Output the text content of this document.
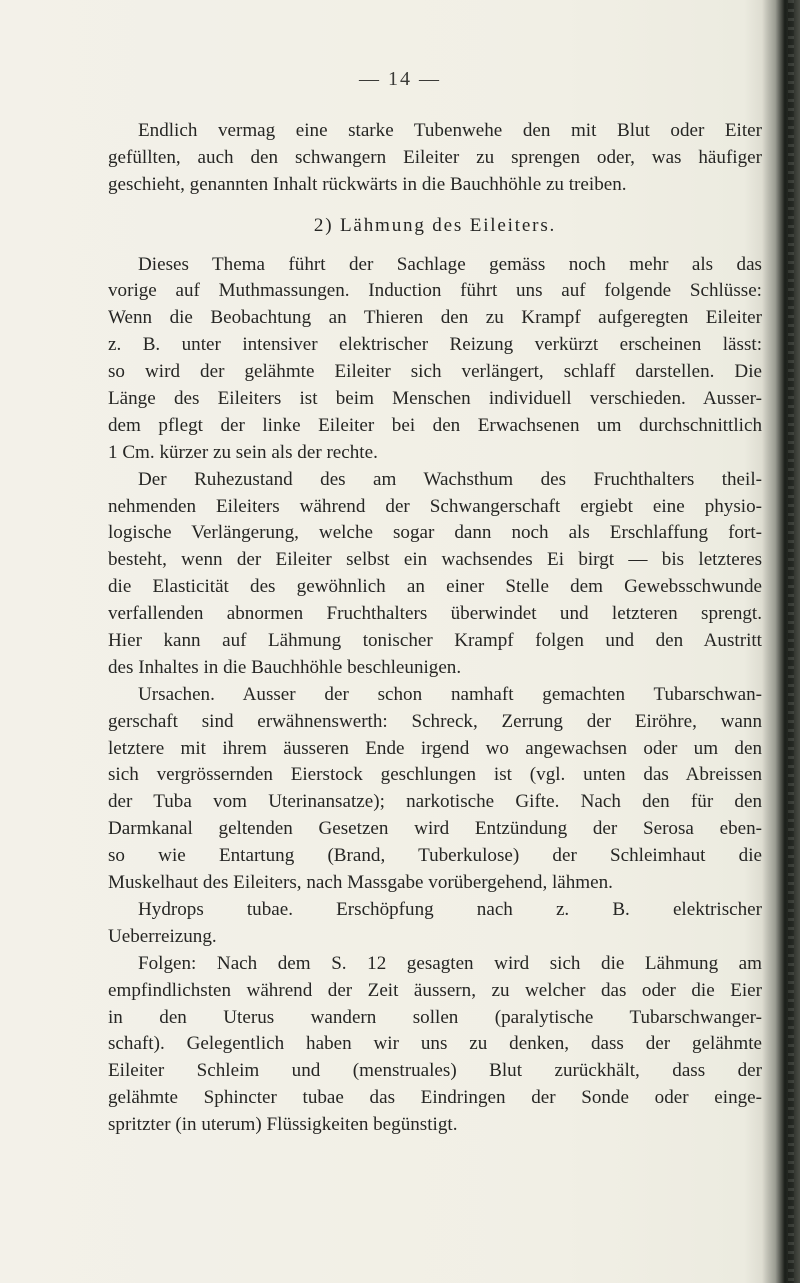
— 14 —
Endlich vermag eine starke Tubenwehe den mit Blut oder Eiter
gefüllten, auch den schwangern Eileiter zu sprengen oder, was häufiger
geschieht, genannten Inhalt rückwärts in die Bauchhöhle zu treiben.
2) Lähmung des Eileiters.
Dieses Thema führt der Sachlage gemäss noch mehr als das
vorige auf Muthmassungen. Induction führt uns auf folgende Schlüsse:
Wenn die Beobachtung an Thieren den zu Krampf aufgeregten Eileiter
z. B. unter intensiver elektrischer Reizung verkürzt erscheinen lässt:
so wird der gelähmte Eileiter sich verlängert, schlaff darstellen. Die
Länge des Eileiters ist beim Menschen individuell verschieden. Ausser-
dem pflegt der linke Eileiter bei den Erwachsenen um durchschnittlich
1 Cm. kürzer zu sein als der rechte.
Der Ruhezustand des am Wachsthum des Fruchthalters theil-
nehmenden Eileiters während der Schwangerschaft ergiebt eine physio-
logische Verlängerung, welche sogar dann noch als Erschlaffung fort-
besteht, wenn der Eileiter selbst ein wachsendes Ei birgt — bis letzteres
die Elasticität des gewöhnlich an einer Stelle dem Gewebsschwunde
verfallenden abnormen Fruchthalters überwindet und letzteren sprengt.
Hier kann auf Lähmung tonischer Krampf folgen und den Austritt
des Inhaltes in die Bauchhöhle beschleunigen.
Ursachen. Ausser der schon namhaft gemachten Tubarschwan-
gerschaft sind erwähnenswerth: Schreck, Zerrung der Eiröhre, wann
letztere mit ihrem äusseren Ende irgend wo angewachsen oder um den
sich vergrössernden Eierstock geschlungen ist (vgl. unten das Abreissen
der Tuba vom Uterinansatze); narkotische Gifte. Nach den für den
Darmkanal geltenden Gesetzen wird Entzündung der Serosa eben-
so wie Entartung (Brand, Tuberkulose) der Schleimhaut die
Muskelhaut des Eileiters, nach Massgabe vorübergehend, lähmen.
Hydrops tubae. Erschöpfung nach z. B. elektrischer
Ueberreizung.
Folgen: Nach dem S. 12 gesagten wird sich die Lähmung am
empfindlichsten während der Zeit äussern, zu welcher das oder die Eier
in den Uterus wandern sollen (paralytische Tubarschwanger-
schaft). Gelegentlich haben wir uns zu denken, dass der gelähmte
Eileiter Schleim und (menstruales) Blut zurückhält, dass der
gelähmte Sphincter tubae das Eindringen der Sonde oder einge-
spritzter (in uterum) Flüssigkeiten begünstigt.
